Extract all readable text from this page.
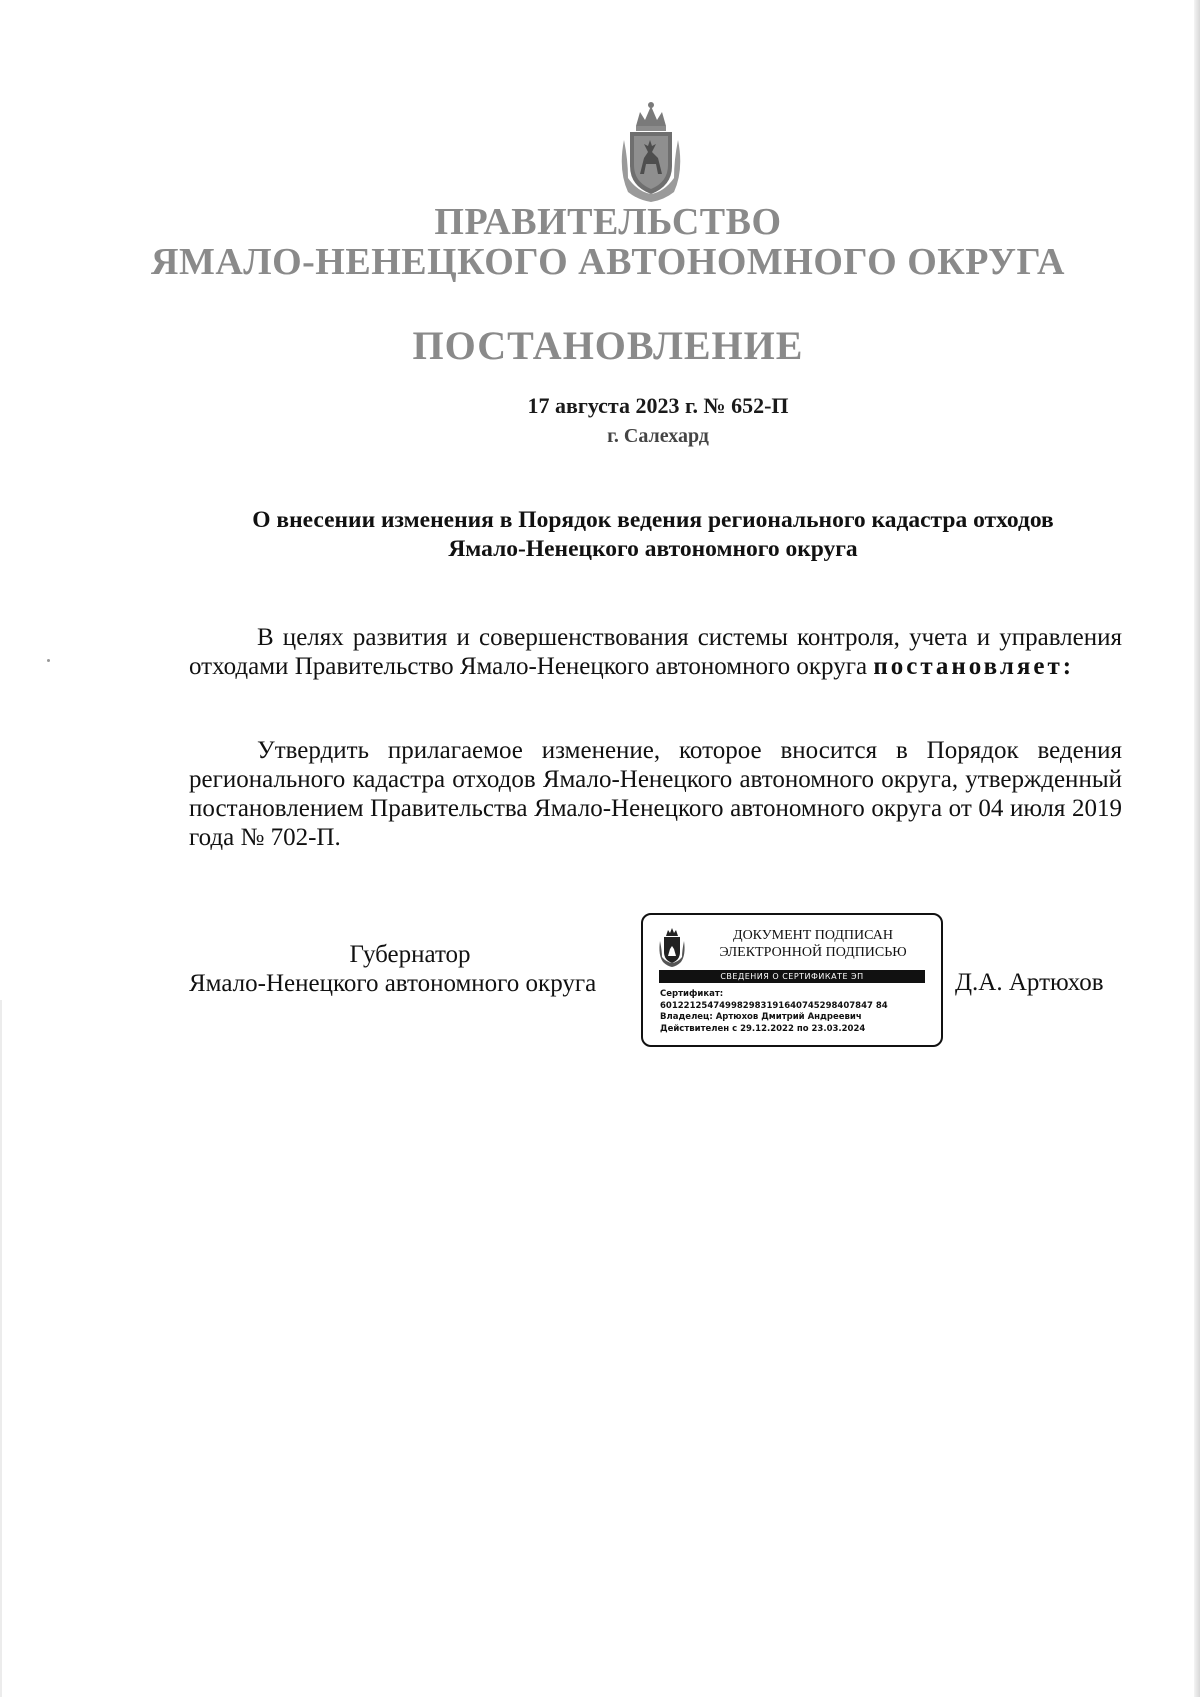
ПРАВИТЕЛЬСТВО
ЯМАЛО-НЕНЕЦКОГО АВТОНОМНОГО ОКРУГА
ПОСТАНОВЛЕНИЕ
17 августа 2023 г. № 652-П
г. Салехард
О внесении изменения в Порядок ведения регионального кадастра отходов
Ямало-Ненецкого автономного округа

В целях развития и совершенствования системы контроля, учета и управления отходами Правительство Ямало-Ненецкого автономного округа постановляет:

Утвердить прилагаемое изменение, которое вносится в Порядок ведения регионального кадастра отходов Ямало-Ненецкого автономного округа, утвержденный постановлением Правительства Ямало-Ненецкого автономного округа от 04 июля 2019 года № 702-П.

Губернатор

Ямало-Ненецкого автономного округа
ДОКУМЕНТ ПОДПИСАН
ЭЛЕКТРОННОЙ ПОДПИСЬЮ
СВЕДЕНИЯ О СЕРТИФИКАТЕ ЭП
Сертификат:
601221254749982983191640745298407847 84
Владелец: Артюхов Дмитрий Андреевич
Действителен с 29.12.2022 по 23.03.2024
Д.А. Артюхов
